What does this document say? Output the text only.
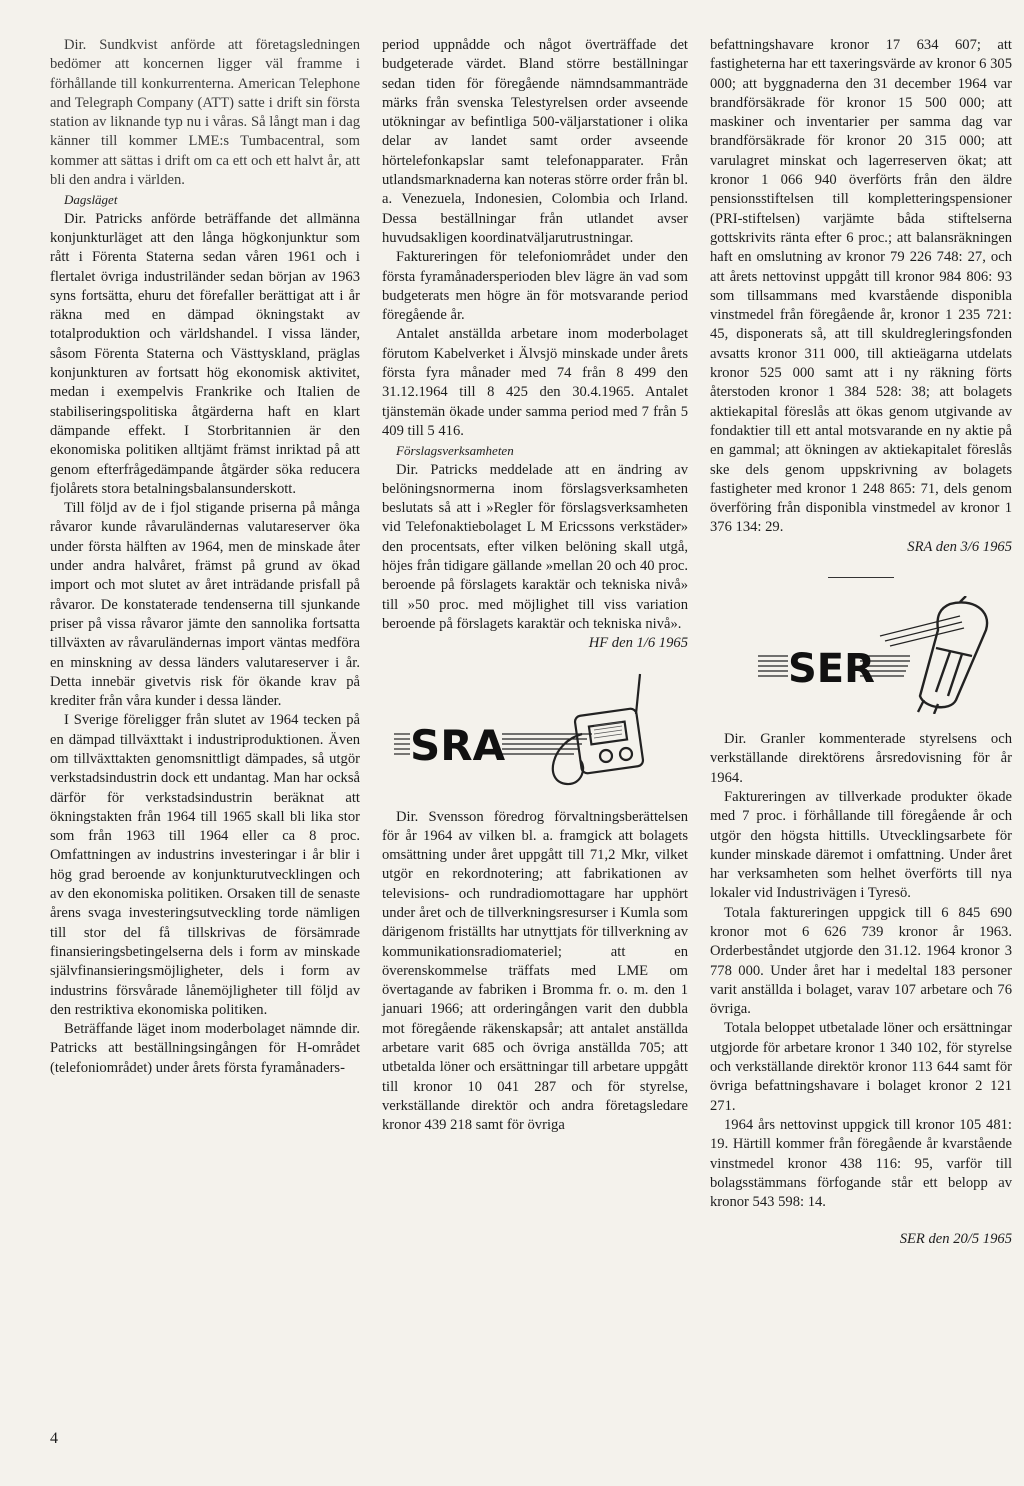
Dir. Sundkvist anförde att företagsledningen bedömer att koncernen ligger väl framme i förhållande till konkurrenterna. American Telephone and Telegraph Company (ATT) satte i drift sin första station av liknande typ nu i våras. Så långt man i dag känner till kommer LME:s Tumbacentral, som kommer att sättas i drift om ca ett och ett halvt år, att bli den andra i världen.

Dagsläget

Dir. Patricks anförde beträffande det allmänna konjunkturläget att den långa högkonjunktur som rått i Förenta Staterna sedan våren 1961 och i flertalet övriga industriländer sedan början av 1963 syns fortsätta, ehuru det förefaller berättigat att i år räkna med en dämpad ökningstakt av totalproduktion och världshandel. I vissa länder, såsom Förenta Staterna och Västtyskland, präglas konjunkturen av fortsatt hög ekonomisk aktivitet, medan i exempelvis Frankrike och Italien de stabiliseringspolitiska åtgärderna haft en klart dämpande effekt. I Storbritannien är den ekonomiska politiken alltjämt främst inriktad på att genom efterfrågedämpande åtgärder söka reducera fjolårets stora betalningsbalansunderskott.

Till följd av de i fjol stigande priserna på många råvaror kunde råvaruländernas valutareserver öka under första hälften av 1964, men de minskade åter under andra halvåret, främst på grund av ökad import och mot slutet av året inträdande prisfall på råvaror. De konstaterade tendenserna till sjunkande priser på vissa råvaror jämte den sannolika fortsatta tillväxten av råvaruländernas import väntas medföra en minskning av dessa länders valutareserver i år. Detta innebär givetvis risk för ökande krav på krediter från våra kunder i dessa länder.

I Sverige föreligger från slutet av 1964 tecken på en dämpad tillväxttakt i industriproduktionen. Även om tillväxttakten genomsnittligt dämpades, så utgör verkstadsindustrin dock ett undantag. Man har också därför för verkstadsindustrin beräknat att ökningstakten från 1964 till 1965 skall bli lika stor som från 1963 till 1964 eller ca 8 proc. Omfattningen av industrins investeringar i år blir i hög grad beroende av konjunkturutvecklingen och av den ekonomiska politiken. Orsaken till de senaste årens svaga investeringsutveckling torde nämligen till stor del få tillskrivas de försämrade finansieringsbetingelserna dels i form av minskade självfinansieringsmöjligheter, dels i form av industrins försvårade lånemöjligheter till följd av den restriktiva ekonomiska politiken.

Beträffande läget inom moderbolaget nämnde dir. Patricks att beställningsingången för H-området (telefoniområdet) under årets första fyramånaders-

period uppnådde och något överträffade det budgeterade värdet. Bland större beställningar sedan tiden för föregående nämndsammanträde märks från svenska Telestyrelsen order avseende utökningar av befintliga 500-väljarstationer i olika delar av landet samt order avseende hörtelefonkapslar samt telefonapparater. Från utlandsmarknaderna kan noteras större order från bl. a. Venezuela, Indonesien, Colombia och Irland. Dessa beställningar från utlandet avser huvudsakligen koordinatväljarutrustningar.

Faktureringen för telefoniområdet under den första fyramånadersperioden blev lägre än vad som budgeterats men högre än för motsvarande period föregående år.

Antalet anställda arbetare inom moderbolaget förutom Kabelverket i Älvsjö minskade under årets första fyra månader med 74 från 8 499 den 31.12.1964 till 8 425 den 30.4.1965. Antalet tjänstemän ökade under samma period med 7 från 5 409 till 5 416.

Förslagsverksamheten

Dir. Patricks meddelade att en ändring av belöningsnormerna inom förslagsverksamheten beslutats så att i »Regler för förslagsverksamheten vid Telefonaktiebolaget L M Ericssons verkstäder» den procentsats, efter vilken belöning skall utgå, höjes från tidigare gällande »mellan 20 och 40 proc. beroende på förslagets karaktär och tekniska nivå» till »50 proc. med möjlighet till viss variation beroende på förslagets karaktär och tekniska nivå».

HF den 1/6 1965

SRA

Dir. Svensson föredrog förvaltningsberättelsen för år 1964 av vilken bl. a. framgick att bolagets omsättning under året uppgått till 71,2 Mkr, vilket utgör en rekordnotering; att fabrikationen av televisions- och rundradiomottagare har upphört under året och de tillverkningsresurser i Kumla som därigenom friställts har utnyttjats för tillverkning av kommunikationsradiomateriel; att en överenskommelse träffats med LME om övertagande av fabriken i Bromma fr. o. m. den 1 januari 1966; att orderingången varit den dubbla mot föregående räkenskapsår; att antalet anställda arbetare varit 685 och övriga anställda 705; att utbetalda löner och ersättningar till arbetare uppgått till kronor 10 041 287 och för styrelse, verkställande direktör och andra företagsledare kronor 439 218 samt för övriga

befattningshavare kronor 17 634 607; att fastigheterna har ett taxeringsvärde av kronor 6 305 000; att byggnaderna den 31 december 1964 var brandförsäkrade för kronor 15 500 000; att maskiner och inventarier per samma dag var brandförsäkrade för kronor 20 315 000; att varulagret minskat och lagerreserven ökat; att kronor 1 066 940 överförts från den äldre pensionsstiftelsen till kompletteringspensioner (PRI-stiftelsen) varjämte båda stiftelserna gottskrivits ränta efter 6 proc.; att balansräkningen haft en omslutning av kronor 79 226 748: 27, och att årets nettovinst uppgått till kronor 984 806: 93 som tillsammans med kvarstående disponibla vinstmedel från föregående år, kronor 1 235 721: 45, disponerats så, att till skuldregleringsfonden avsatts kronor 311 000, till aktieägarna utdelats kronor 525 000 samt att i ny räkning förts återstoden kronor 1 384 528: 38; att bolagets aktiekapital föreslås att ökas genom utgivande av fondaktier till ett antal motsvarande en ny aktie på en gammal; att ökningen av aktiekapitalet föreslås ske dels genom uppskrivning av bolagets fastigheter med kronor 1 248 865: 71, dels genom överföring från disponibla vinstmedel av kronor 1 376 134: 29.

SRA den 3/6 1965

SER

Dir. Granler kommenterade styrelsens och verkställande direktörens årsredovisning för år 1964.

Faktureringen av tillverkade produkter ökade med 7 proc. i förhållande till föregående år och utgör den högsta hittills. Utvecklingsarbete för kunder minskade däremot i omfattning. Under året har verksamheten som helhet överförts till nya lokaler vid Industrivägen i Tyresö.

Totala faktureringen uppgick till 6 845 690 kronor mot 6 626 739 kronor år 1963. Orderbeståndet utgjorde den 31.12. 1964 kronor 3 778 000. Under året har i medeltal 183 personer varit anställda i bolaget, varav 107 arbetare och 76 övriga.

Totala beloppet utbetalade löner och ersättningar utgjorde för arbetare kronor 1 340 102, för styrelse och verkställande direktör kronor 113 644 samt för övriga befattningshavare i bolaget kronor 2 121 271.

1964 års nettovinst uppgick till kronor 105 481: 19. Härtill kommer från föregående år kvarstående vinstmedel kronor 438 116: 95, varför till bolagsstämmans förfogande står ett belopp av kronor 543 598: 14.

SER den 20/5 1965

4
